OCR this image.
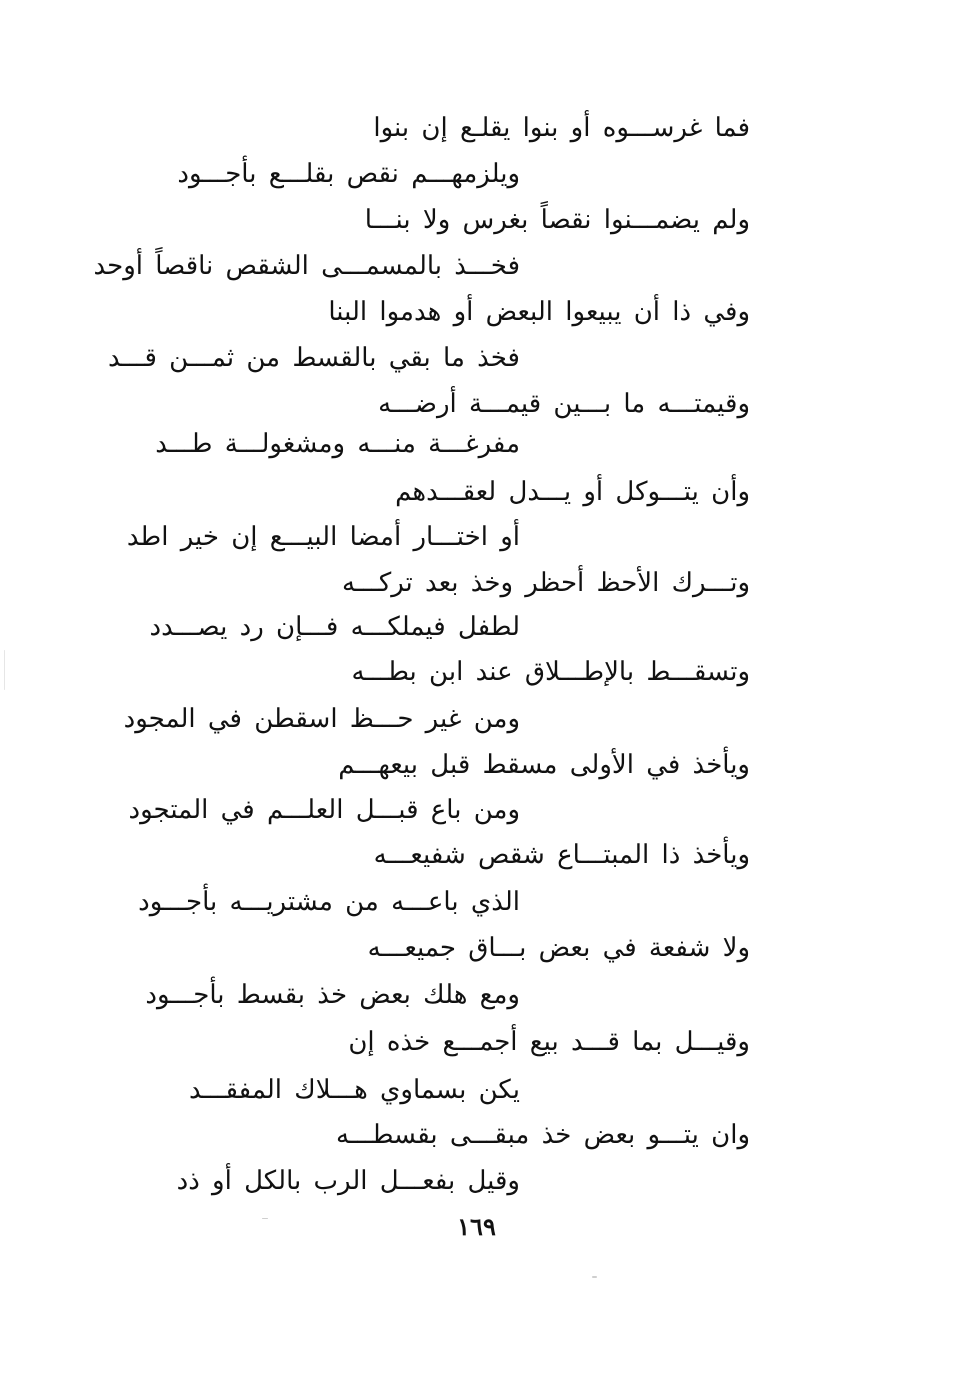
فما غرســـوه أو بنوا يقلـع إن بنوا
ويلزمهـــم نقص بقلـــع بأجـــود
ولم يضمـــنوا نقصاً بغرس ولا بنـــا
فخـــذ بالمسمـــى الشقص ناقصاً أوحد
وفي ذا أن يبيعوا البعض أو هدموا البنا
فخذ ما بقي بالقسط من ثمـــن قـــد
وقيمتـــه ما بـــين قيمـــة أرضـــه
مفرغـــة منـــه ومشغولـــة طـــد
وأن يتـــوكل أو يـــدل لعقـــدهم
أو اختـــار أمضا البيـــع إن خير اطد
وتـــرك الأحظ أحظر وخذ بعد تركـــه
لطفل فيملكـــه فـــإن رد يصـــدد
وتسقـــط بالإطـــلاق عند ابن بطـــه
ومن غير حـــظ اسقطن في المجود
ويأخذ في الأولى مسقط قبل بيعهـــم
ومن باع قبـــل العلـــم في المتجود
ويأخذ ذا المبتـــاع شقص شفيعـــه
الذي باعـــه من مشتريـــه بأجـــود
ولا شفعة في بعض بـــاق جميعـــه
ومع هلك بعض خذ بقسط بأجـــود
وقيـــل بما قـــد بيع أجمـــع خذه إن
يكن بسماوي هـــلاك المفقـــد
وان يتـــو بعض خذ مبقـــى بقسطـــه
وقيل بفعـــل الرب بالكل أو ذد
١٦٩
